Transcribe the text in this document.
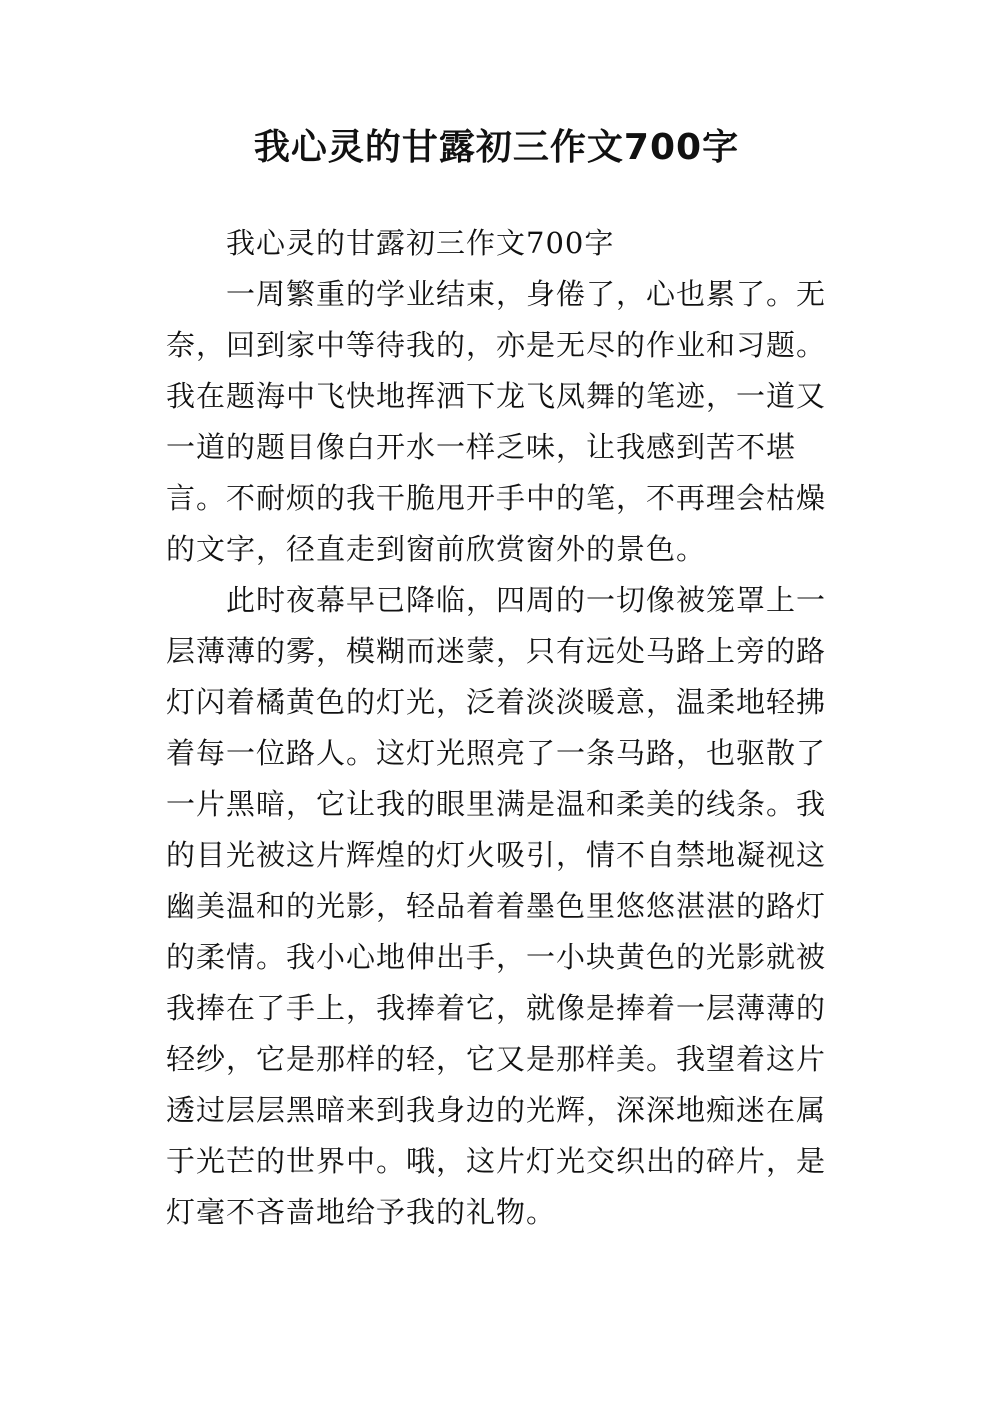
我心灵的甘露初三作文700字

我心灵的甘露初三作文700字

一周繁重的学业结束，身倦了，心也累了。无奈，回到家中等待我的，亦是无尽的作业和习题。我在题海中飞快地挥洒下龙飞凤舞的笔迹，一道又一道的题目像白开水一样乏味，让我感到苦不堪言。不耐烦的我干脆甩开手中的笔，不再理会枯燥的文字，径直走到窗前欣赏窗外的景色。

此时夜幕早已降临，四周的一切像被笼罩上一层薄薄的雾，模糊而迷蒙，只有远处马路上旁的路灯闪着橘黄色的灯光，泛着淡淡暖意，温柔地轻拂着每一位路人。这灯光照亮了一条马路，也驱散了一片黑暗，它让我的眼里满是温和柔美的线条。我的目光被这片辉煌的灯火吸引，情不自禁地凝视这幽美温和的光影，轻品着着墨色里悠悠湛湛的路灯的柔情。我小心地伸出手，一小块黄色的光影就被我捧在了手上，我捧着它，就像是捧着一层薄薄的轻纱，它是那样的轻，它又是那样美。我望着这片透过层层黑暗来到我身边的光辉，深深地痴迷在属于光芒的世界中。哦，这片灯光交织出的碎片，是灯毫不吝啬地给予我的礼物。
